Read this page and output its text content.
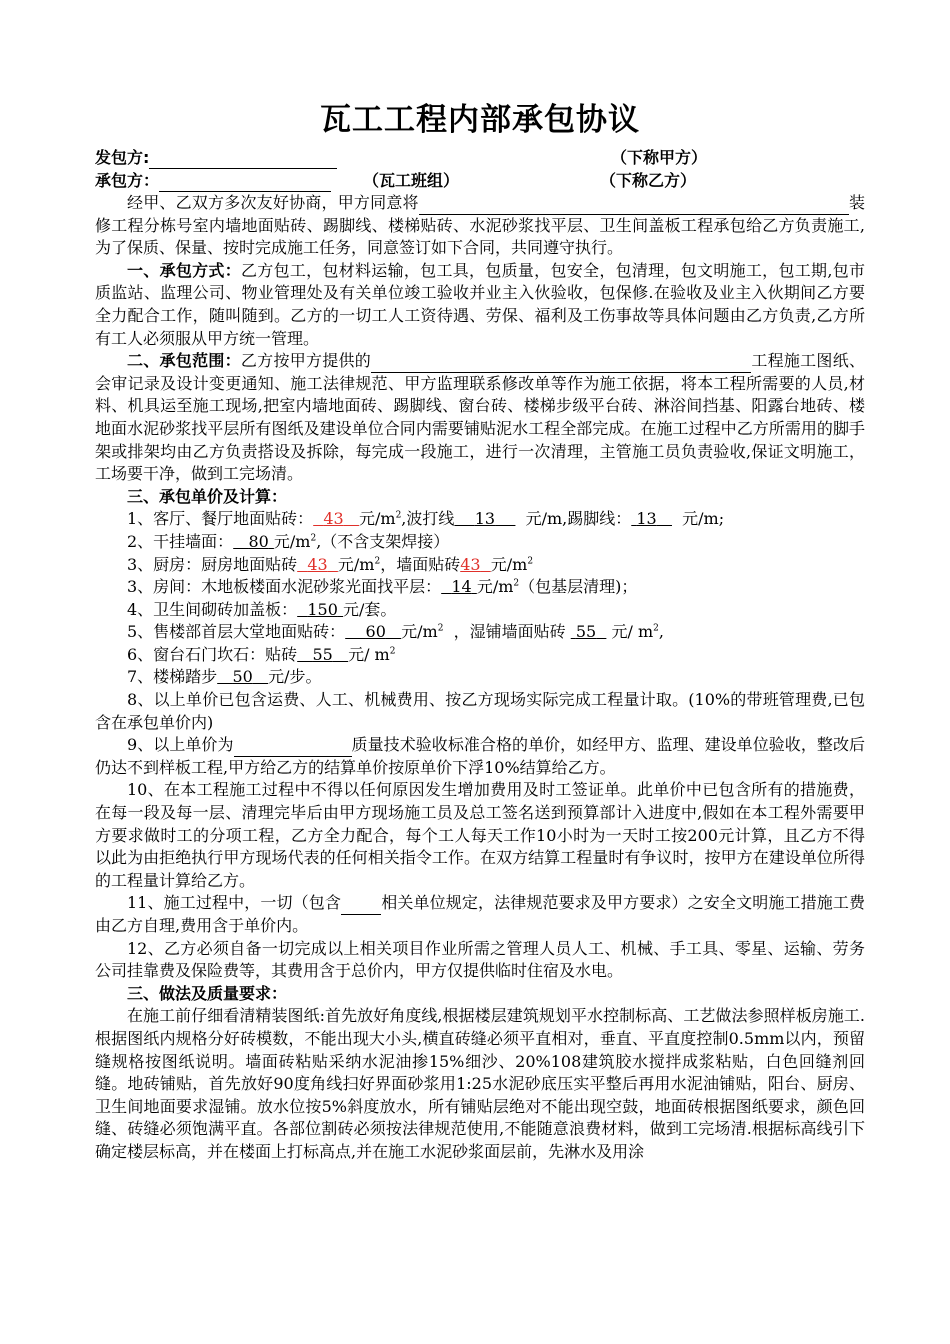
瓦工工程内部承包协议
发包方:	（下称甲方）
承包方：	（瓦工班组）	（下称乙方）

经甲、乙双方多次友好协商，甲方同意将	装修工程分栋号室内墙地面贴砖、踢脚线、楼梯贴砖、水泥砂浆找平层、卫生间盖板工程承包给乙方负责施工,为了保质、保量、按时完成施工任务，同意签订如下合同，共同遵守执行。

一、承包方式：乙方包工，包材料运输，包工具，包质量，包安全，包清理，包文明施工，包工期,包市质监站、监理公司、物业管理处及有关单位竣工验收并业主入伙验收，包保修.在验收及业主入伙期间乙方要全力配合工作，随叫随到。乙方的一切工人工资待遇、劳保、福利及工伤事故等具体问题由乙方负责,乙方所有工人必须服从甲方统一管理。

二、承包范围：乙方按甲方提供的	工程施工图纸、会审记录及设计变更通知、施工法律规范、甲方监理联系修改单等作为施工依据，将本工程所需要的人员,材料、机具运至施工现场,把室内墙地面砖、踢脚线、窗台砖、楼梯步级平台砖、淋浴间挡基、阳露台地砖、楼地面水泥砂浆找平层所有图纸及建设单位合同内需要铺贴泥水工程全部完成。在施工过程中乙方所需用的脚手架或排架均由乙方负责搭设及拆除，每完成一段施工，进行一次清理，主管施工员负责验收,保证文明施工，工场要干净，做到工完场清。

三、承包单价及计算：

1、客厅、餐厅地面贴砖： 43 元$/m^2$,波打线 13 元/m,踢脚线： 13 元/m;

2、干挂墙面： 80 元$/m^2$,（不含支架焊接）

3、厨房：厨房地面贴砖 43 元$/m^2$，墙面贴砖43 元$/m^2$

3、房间：木地板楼面水泥砂浆光面找平层： 14 元$/m^2$（包基层清理)；

4、卫生间砌砖加盖板： 150 元/套。

5、售楼部首层大堂地面贴砖： 60 元$/m^2$ ，湿铺墙面贴砖 55 元/ $m^2$,

6、窗台石门坎石：贴砖 55 元/ $m^2$

7、楼梯踏步 50 元/步。

8、以上单价已包含运费、人工、机械费用、按乙方现场实际完成工程量计取。(10%的带班管理费,已包含在承包单价内)

9、以上单价为	质量技术验收标准合格的单价，如经甲方、监理、建设单位验收，整改后仍达不到样板工程,甲方给乙方的结算单价按原单价下浮10%结算给乙方。

10、在本工程施工过程中不得以任何原因发生增加费用及时工签证单。此单价中已包含所有的措施费，在每一段及每一层、清理完毕后由甲方现场施工员及总工签名送到预算部计入进度中,假如在本工程外需要甲方要求做时工的分项工程，乙方全力配合，每个工人每天工作10小时为一天时工按200元计算，且乙方不得以此为由拒绝执行甲方现场代表的任何相关指令工作。在双方结算工程量时有争议时，按甲方在建设单位所得的工程量计算给乙方。

11、施工过程中，一切（包含	相关单位规定，法律规范要求及甲方要求）之安全文明施工措施工费由乙方自理,费用含于单价内。

12、乙方必须自备一切完成以上相关项目作业所需之管理人员人工、机械、手工具、零星、运输、劳务公司挂靠费及保险费等，其费用含于总价内，甲方仅提供临时住宿及水电。

三、做法及质量要求：

在施工前仔细看清精装图纸:首先放好角度线,根据楼层建筑规划平水控制标高、工艺做法参照样板房施工.根据图纸内规格分好砖模数，不能出现大小头,横直砖缝必须平直相对，垂直、平直度控制0.5mm以内，预留缝规格按图纸说明。墙面砖粘贴采纳水泥油掺15%细沙、20%108建筑胶水搅拌成浆粘贴，白色回缝剂回缝。地砖铺贴，首先放好90度角线扫好界面砂浆用1:25水泥砂底压实平整后再用水泥油铺贴，阳台、厨房、卫生间地面要求湿铺。放水位按5%斜度放水，所有铺贴层绝对不能出现空鼓，地面砖根据图纸要求，颜色回缝、砖缝必须饱满平直。各部位割砖必须按法律规范使用,不能随意浪费材料，做到工完场清.根据标高线引下确定楼层标高，并在楼面上打标高点,并在施工水泥砂浆面层前，先淋水及用涂
